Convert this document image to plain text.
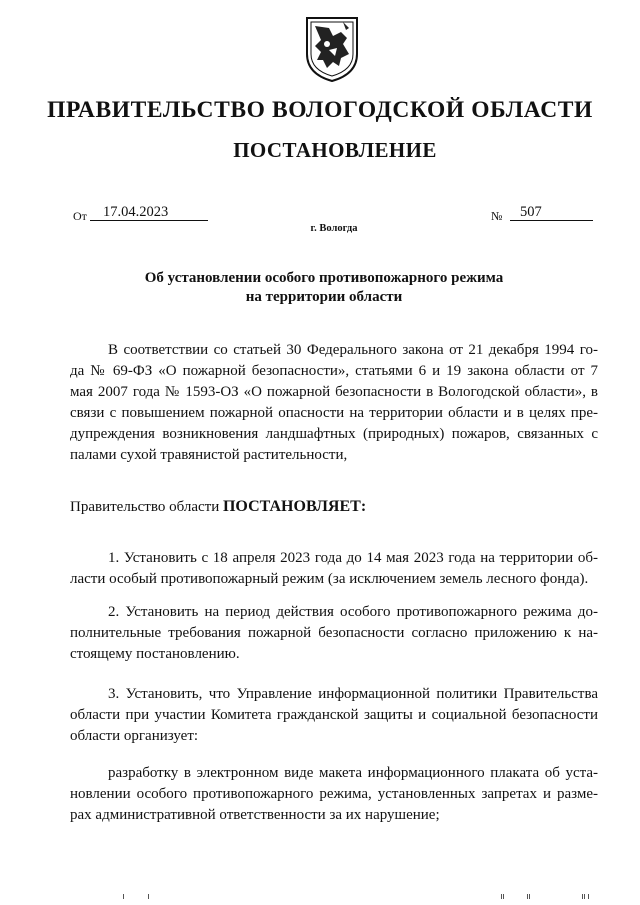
ПРАВИТЕЛЬСТВО ВОЛОГОДСКОЙ ОБЛАСТИ
ПОСТАНОВЛЕНИЕ
От 17.04.2023	№ 507
г. Вологда
Об установлении особого противопожарного режима
на территории области
В соответствии со статьей 30 Федерального закона от 21 декабря 1994 го-
да № 69-ФЗ «О пожарной безопасности», статьями 6 и 19 закона области от 7
мая 2007 года № 1593-ОЗ «О пожарной безопасности в Вологодской области», в
связи с повышением пожарной опасности на территории области и в целях пре-
дупреждения возникновения ландшафтных (природных) пожаров, связанных с
палами сухой травянистой растительности,
Правительство области ПОСТАНОВЛЯЕТ:
1. Установить с 18 апреля 2023 года до 14 мая 2023 года на территории об-
ласти особый противопожарный режим (за исключением земель лесного фонда).
2. Установить на период действия особого противопожарного режима до-
полнительные требования пожарной безопасности согласно приложению к на-
стоящему постановлению.
3. Установить, что Управление информационной политики Правительства
области при участии Комитета гражданской защиты и социальной безопасности
области организует:
разработку в электронном виде макета информационного плаката об уста-
новлении особого противопожарного режима, установленных запретах и разме-
рах административной ответственности за их нарушение;
